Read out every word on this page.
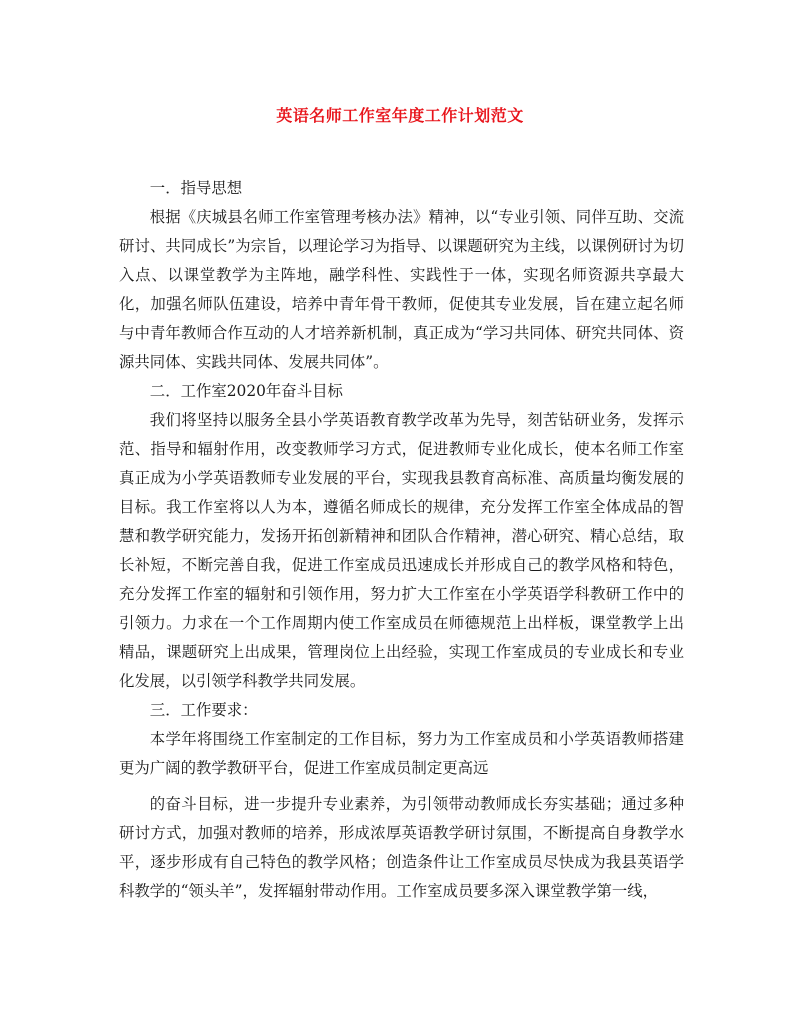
英语名师工作室年度工作计划范文

一．指导思想

根据《庆城县名师工作室管理考核办法》精神，以“专业引领、同伴互助、交流研讨、共同成长”为宗旨，以理论学习为指导、以课题研究为主线，以课例研讨为切入点、以课堂教学为主阵地，融学科性、实践性于一体，实现名师资源共享最大化，加强名师队伍建设，培养中青年骨干教师，促使其专业发展，旨在建立起名师与中青年教师合作互动的人才培养新机制，真正成为“学习共同体、研究共同体、资源共同体、实践共同体、发展共同体”。

二．工作室2020年奋斗目标

我们将坚持以服务全县小学英语教育教学改革为先导，刻苦钻研业务，发挥示范、指导和辐射作用，改变教师学习方式，促进教师专业化成长，使本名师工作室真正成为小学英语教师专业发展的平台，实现我县教育高标准、高质量均衡发展的目标。我工作室将以人为本，遵循名师成长的规律，充分发挥工作室全体成品的智慧和教学研究能力，发扬开拓创新精神和团队合作精神，潜心研究、精心总结，取长补短，不断完善自我，促进工作室成员迅速成长并形成自己的教学风格和特色，充分发挥工作室的辐射和引领作用，努力扩大工作室在小学英语学科教研工作中的引领力。力求在一个工作周期内使工作室成员在师德规范上出样板，课堂教学上出精品，课题研究上出成果，管理岗位上出经验，实现工作室成员的专业成长和专业化发展，以引领学科教学共同发展。

三．工作要求：

本学年将围绕工作室制定的工作目标，努力为工作室成员和小学英语教师搭建更为广阔的教学教研平台，促进工作室成员制定更高远

的奋斗目标，进一步提升专业素养，为引领带动教师成长夯实基础；通过多种研讨方式，加强对教师的培养，形成浓厚英语教学研讨氛围，不断提高自身教学水平，逐步形成有自己特色的教学风格；创造条件让工作室成员尽快成为我县英语学科教学的“领头羊”，发挥辐射带动作用。工作室成员要多深入课堂教学第一线，
